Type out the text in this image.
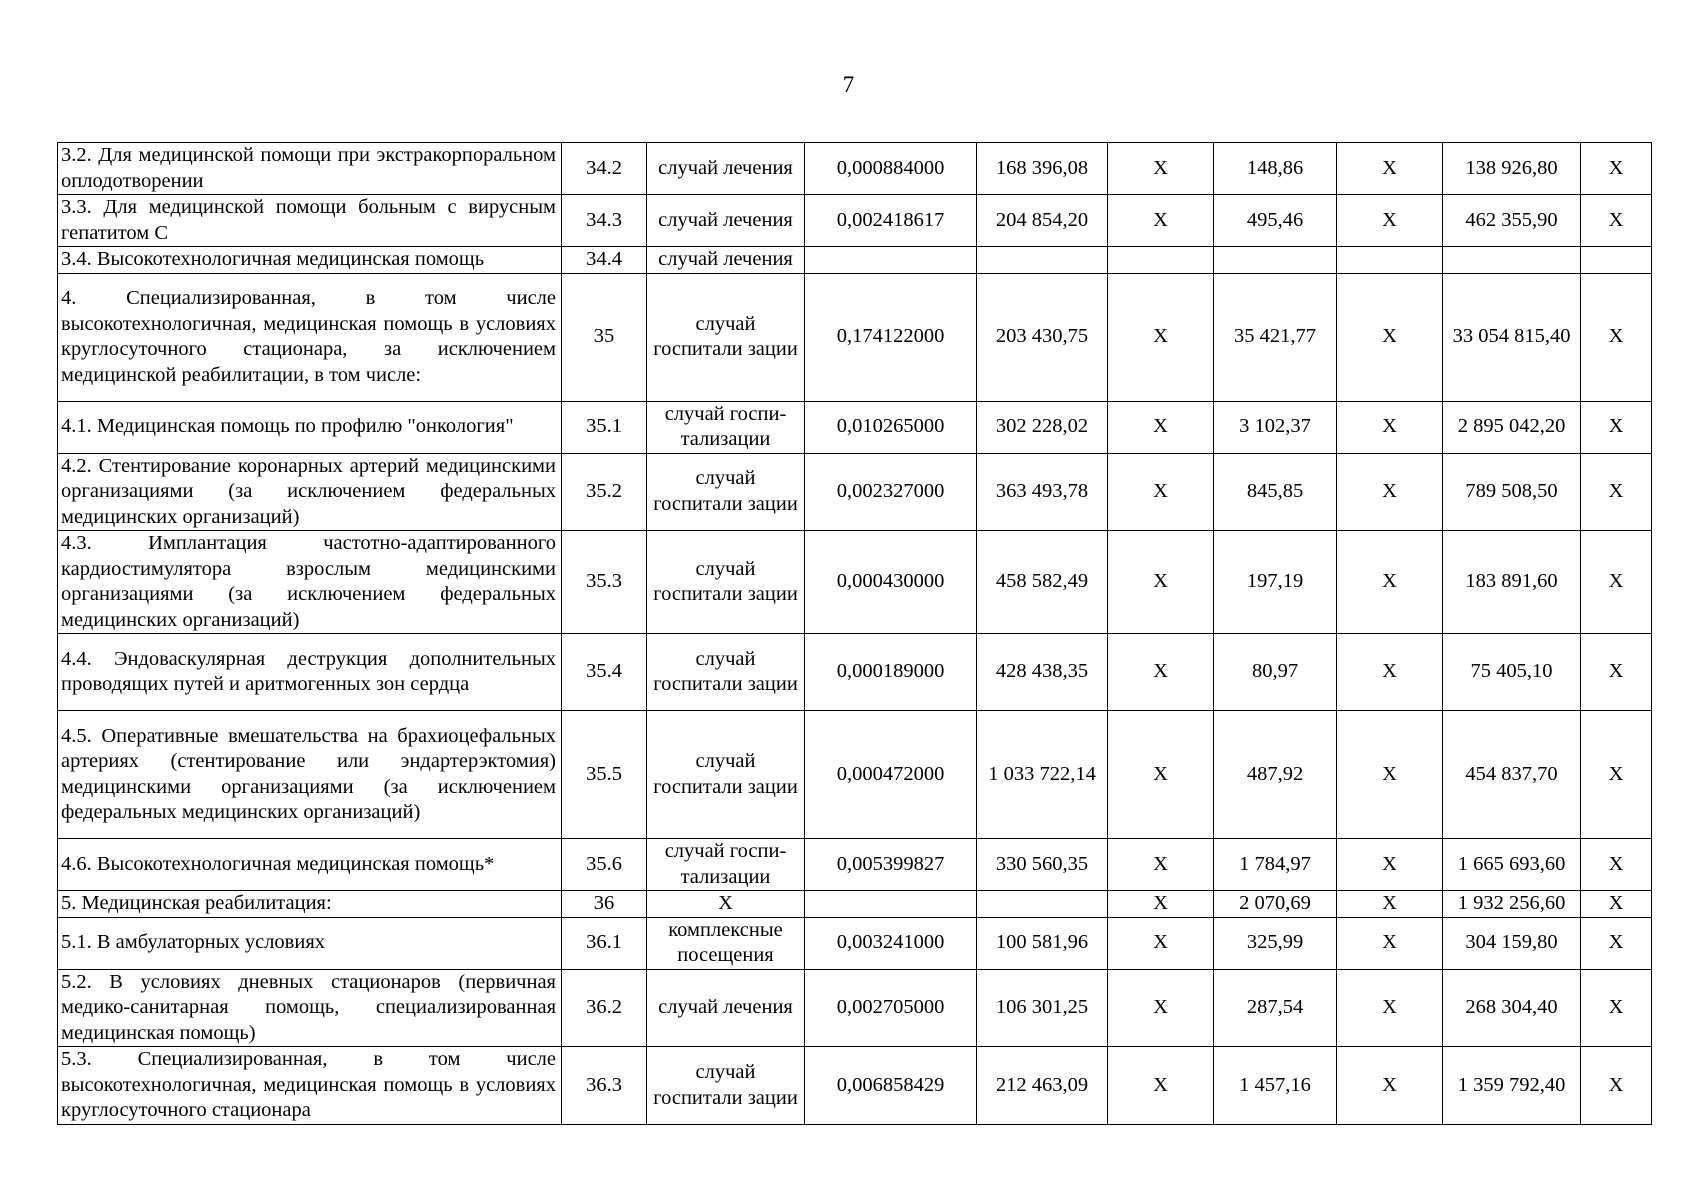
7
3.2. Для медицинской помощи при экстракорпоральном оплодотворении	34.2	случай лечения	0,000884000	168 396,08	Х	148,86	Х	138 926,80	Х
3.3. Для медицинской помощи больным с вирусным гепатитом С	34.3	случай лечения	0,002418617	204 854,20	Х	495,46	Х	462 355,90	Х
3.4. Высокотехнологичная медицинская помощь	34.4	случай лечения							
4. Специализированная, в том числе высокотехнологичная, медицинская помощь в условиях круглосуточного стационара, за исключением медицинской реабилитации, в том числе:	35	случай госпитали зации	0,174122000	203 430,75	Х	35 421,77	Х	33 054 815,40	Х
4.1. Медицинская помощь по профилю "онкология"	35.1	случай госпи-тализации	0,010265000	302 228,02	Х	3 102,37	Х	2 895 042,20	Х
4.2. Стентирование коронарных артерий медицинскими организациями (за исключением федеральных медицинских организаций)	35.2	случай госпитали зации	0,002327000	363 493,78	Х	845,85	Х	789 508,50	Х
4.3. Имплантация частотно-адаптированного кардиостимулятора взрослым медицинскими организациями (за исключением федеральных медицинских организаций)	35.3	случай госпитали зации	0,000430000	458 582,49	Х	197,19	Х	183 891,60	Х
4.4. Эндоваскулярная деструкция дополнительных проводящих путей и аритмогенных зон сердца	35.4	случай госпитали зации	0,000189000	428 438,35	Х	80,97	Х	75 405,10	Х
4.5. Оперативные вмешательства на брахиоцефальных артериях (стентирование или эндартерэктомия) медицинскими организациями (за исключением федеральных медицинских организаций)	35.5	случай госпитали зации	0,000472000	1 033 722,14	Х	487,92	Х	454 837,70	Х
4.6. Высокотехнологичная медицинская помощь*	35.6	случай госпи-тализации	0,005399827	330 560,35	Х	1 784,97	Х	1 665 693,60	Х
5. Медицинская реабилитация:	36	Х			Х	2 070,69	Х	1 932 256,60	Х
5.1. В амбулаторных условиях	36.1	комплексные посещения	0,003241000	100 581,96	Х	325,99	Х	304 159,80	Х
5.2. В условиях дневных стационаров (первичная медико-санитарная помощь, специализированная медицинская помощь)	36.2	случай лечения	0,002705000	106 301,25	Х	287,54	Х	268 304,40	Х
5.3. Специализированная, в том числе высокотехнологичная, медицинская помощь в условиях круглосуточного стационара	36.3	случай госпитали зации	0,006858429	212 463,09	Х	1 457,16	Х	1 359 792,40	Х
